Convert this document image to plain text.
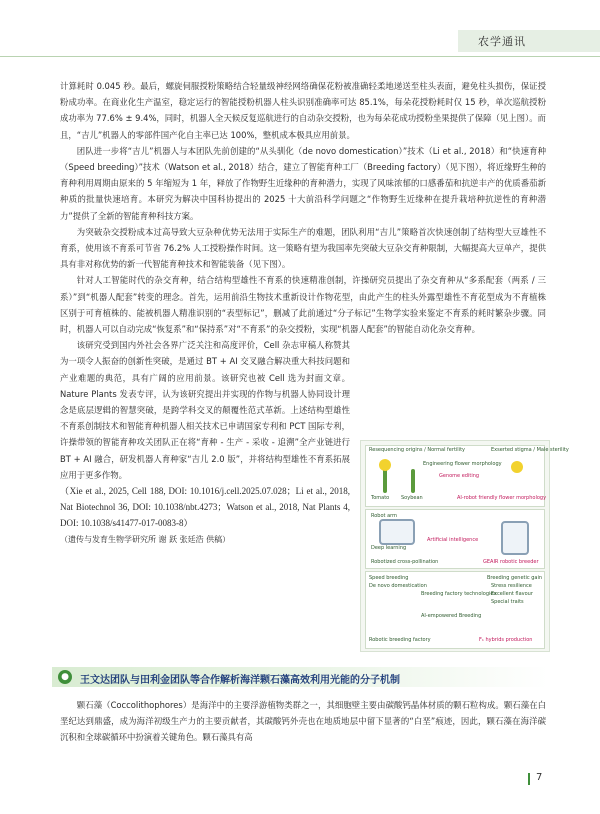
农学通讯

计算耗时 0.045 秒。最后，螺旋伺服授粉策略结合轻量级神经网络确保花粉被准确轻柔地递送至柱头表面，避免柱头损伤，保证授粉成功率。在商业化生产温室，稳定运行的智能授粉机器人柱头识别准确率可达 85.1%，每朵花授粉耗时仅 15 秒，单次巡航授粉成功率为 77.6% ± 9.4%，同时，机器人全天候反复巡航进行的自动杂交授粉，也为每朵花成功授粉坐果提供了保障（见上图）。而且，“吉儿”机器人的零部件国产化自主率已达 100%，整机成本极具应用前景。

团队进一步将“吉儿”机器人与本团队先前创建的“从头驯化（de novo domestication）”技术（Li et al., 2018）和“快速育种（Speed breeding）”技术（Watson et al., 2018）结合，建立了智能育种工厂（Breeding factory）（见下图），将近缘野生种的育种利用周期由原来的 5 年缩短为 1 年，释放了作物野生近缘种的育种潜力，实现了风味浓郁的口感番茄和抗逆丰产的优质番茄新种质的批量快速培育。本研究为解决中国科协提出的 2025 十大前沿科学问题之“作物野生近缘种在提升栽培种抗逆性的育种潜力”提供了全新的智能育种科技方案。

为突破杂交授粉成本过高导致大豆杂种优势无法用于实际生产的难题，团队利用“吉儿”策略首次快速创制了结构型大豆雄性不育系，使用该不育系可节省 76.2% 人工授粉操作时间。这一策略有望为我国率先突破大豆杂交育种限制，大幅提高大豆单产，提供具有非对称优势的新一代智能育种技术和智能装备（见下图）。

针对人工智能时代的杂交育种，结合结构型雄性不育系的快速精准创制，许操研究员提出了杂交育种从“多系配套（两系 / 三系）”到“机器人配套”转变的理念。首先，运用前沿生物技术重新设计作物花型，由此产生的柱头外露型雄性不育花型成为不育植株区别于可育植株的、能被机器人精准识别的“表型标记”，删减了此前通过“分子标记”生物学实验来鉴定不育系的耗时繁杂步骤。同时，机器人可以自动完成“恢复系”和“保持系”对“不育系”的杂交授粉，实现“机器人配套”的智能自动化杂交育种。

该研究受到国内外社会各界广泛关注和高度评价，Cell 杂志审稿人称赞其为一项令人振奋的创新性突破，是通过 BT + AI 交叉融合解决重大科技问题和产业难题的典范，具有广阔的应用前景。该研究也被 Cell 选为封面文章。Nature Plants 发表专评，认为该研究提出并实现的作物与机器人协同设计理念是底层逻辑的智慧突破，是跨学科交叉的颠覆性范式革新。上述结构型雄性不育系创制技术和智能育种机器人相关技术已申请国家专利和 PCT 国际专利，许操带领的智能育种攻关团队正在将“育种 - 生产 - 采收 - 追溯”全产业链进行 BT + AI 融合，研发机器人育种家“吉儿 2.0 版”，并将结构型雄性不育系拓展应用于更多作物。

（Xie et al., 2025, Cell 188, DOI: 10.1016/j.cell.2025.07.028；Li et al., 2018, Nat Biotechnol 36, DOI: 10.1038/nbt.4273；Watson et al., 2018, Nat Plants 4, DOI: 10.1038/s41477-017-0083-8）

（遗传与发育生物学研究所 谢 跃 张廷浩 供稿）

Resequencing origins / Normal fertility
Engineering flower morphology
Exserted stigma / Male sterility
Genome editing
Tomato Soybean	AI-robot friendly flower morphology
Robot arm
Deep learning
Artificial intelligence
Robotized cross-pollination	GEAIR robotic breeder
Speed breeding
De novo domestication
Breeding factory technologies
AI-empowered Breeding
Breeding genetic gain
Stress resilience
Excellent flavour
Special traits
Robotic breeding factory	F₁ hybrids production
●	王文达团队与田利金团队等合作解析海洋颗石藻高效利用光能的分子机制

颗石藻（Coccolithophores）是海洋中的主要浮游植物类群之一，其细胞壁主要由碳酸钙晶体材质的颗石粒构成。颗石藻在白垩纪达到鼎盛，成为海洋初级生产力的主要贡献者，其碳酸钙外壳也在地质地层中留下显著的“白垩”痕迹，因此，颗石藻在海洋碳沉积和全球碳循环中扮演着关键角色。颗石藻具有高

7
